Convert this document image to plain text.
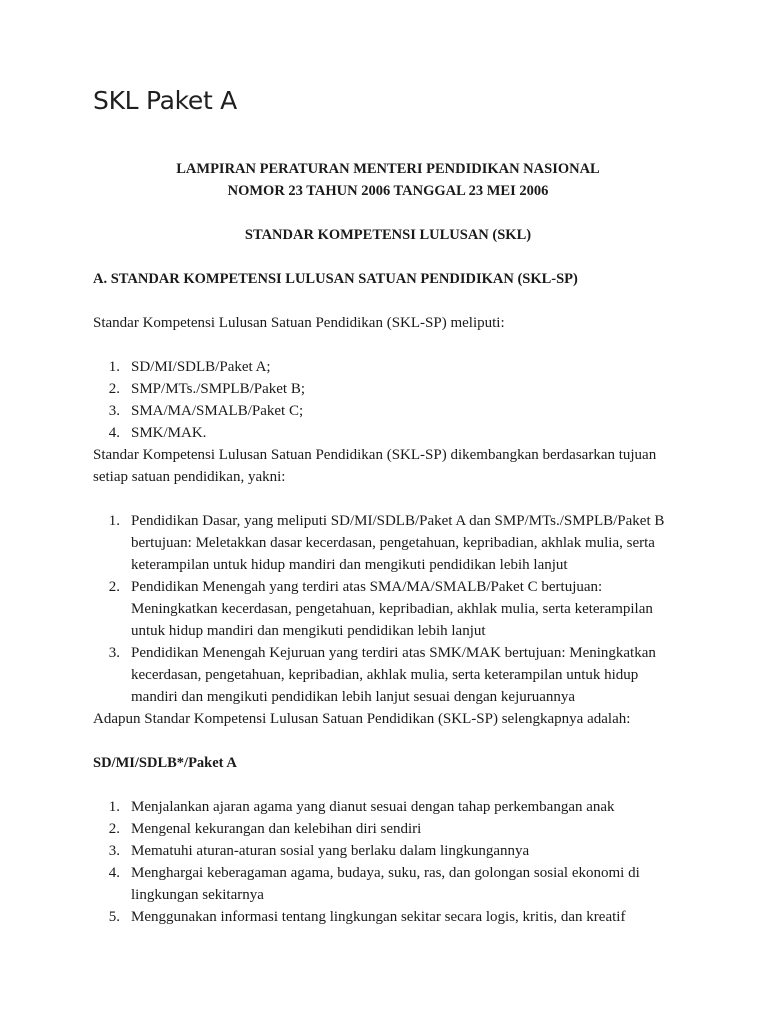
SKL Paket A

LAMPIRAN PERATURAN MENTERI PENDIDIKAN NASIONAL

NOMOR 23 TAHUN 2006 TANGGAL 23 MEI 2006

STANDAR KOMPETENSI LULUSAN (SKL)

A. STANDAR KOMPETENSI LULUSAN SATUAN PENDIDIKAN (SKL-SP)

Standar Kompetensi Lulusan Satuan Pendidikan (SKL-SP) meliputi:

1. SD/MI/SDLB/Paket A;
2. SMP/MTs./SMPLB/Paket B;
3. SMA/MA/SMALB/Paket C;
4. SMK/MAK.

Standar Kompetensi Lulusan Satuan Pendidikan (SKL-SP) dikembangkan berdasarkan tujuan setiap satuan pendidikan, yakni:

1. Pendidikan Dasar, yang meliputi SD/MI/SDLB/Paket A dan SMP/MTs./SMPLB/Paket B bertujuan: Meletakkan dasar kecerdasan, pengetahuan, kepribadian, akhlak mulia, serta keterampilan untuk hidup mandiri dan mengikuti pendidikan lebih lanjut
2. Pendidikan Menengah yang terdiri atas SMA/MA/SMALB/Paket C bertujuan: Meningkatkan kecerdasan, pengetahuan, kepribadian, akhlak mulia, serta keterampilan untuk hidup mandiri dan mengikuti pendidikan lebih lanjut
3. Pendidikan Menengah Kejuruan yang terdiri atas SMK/MAK bertujuan: Meningkatkan kecerdasan, pengetahuan, kepribadian, akhlak mulia, serta keterampilan untuk hidup mandiri dan mengikuti pendidikan lebih lanjut sesuai dengan kejuruannya

Adapun Standar Kompetensi Lulusan Satuan Pendidikan (SKL-SP) selengkapnya adalah:

SD/MI/SDLB*/Paket A

1. Menjalankan ajaran agama yang dianut sesuai dengan tahap perkembangan anak
2. Mengenal kekurangan dan kelebihan diri sendiri
3. Mematuhi aturan-aturan sosial yang berlaku dalam lingkungannya
4. Menghargai keberagaman agama, budaya, suku, ras, dan golongan sosial ekonomi di lingkungan sekitarnya
5. Menggunakan informasi tentang lingkungan sekitar secara logis, kritis, dan kreatif
